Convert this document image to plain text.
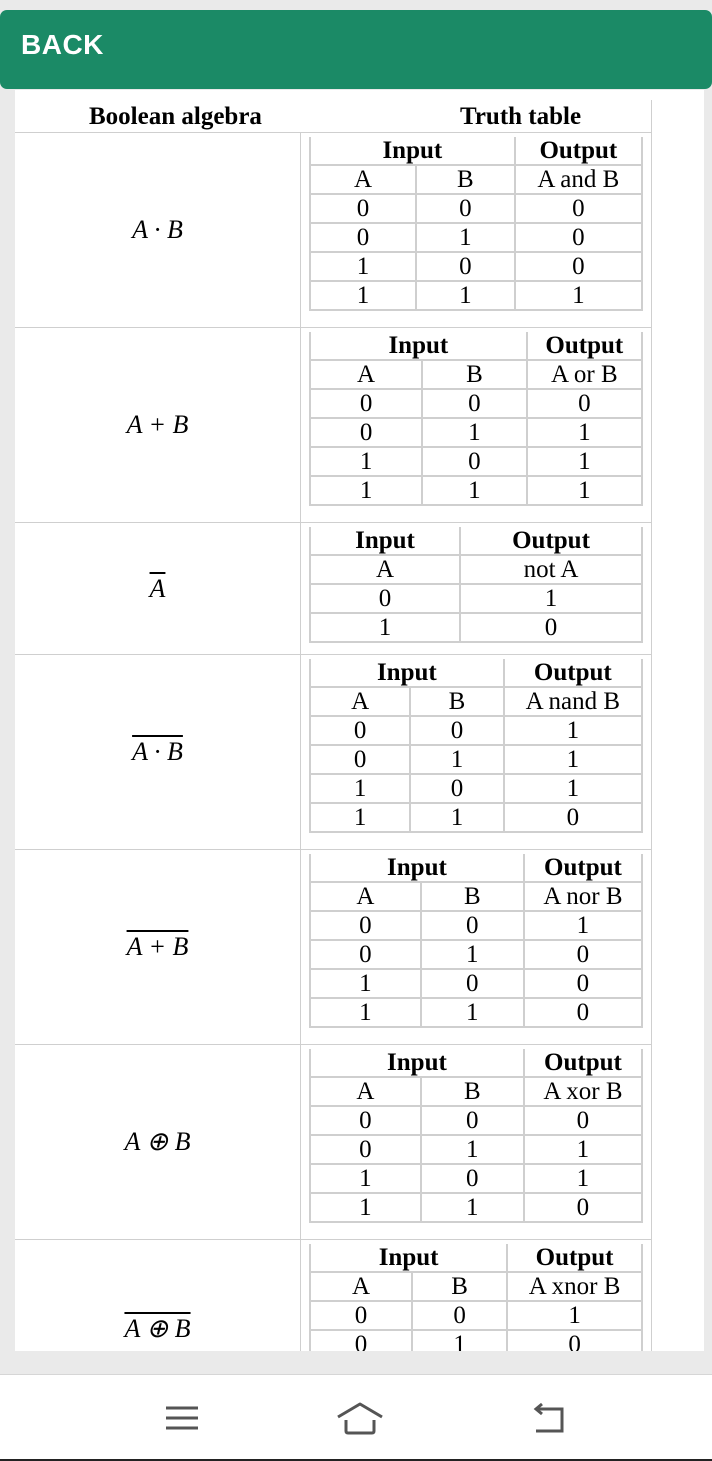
BACK
Boolean algebra	Truth table
A · B
Input		Output
A	B	A and B
0	0	0
0	1	0
1	0	0
1	1	1
A + B
Input		Output
A	B	A or B
0	0	0
0	1	1
1	0	1
1	1	1
$\overline{A}$
Input	Output
A	not A
0	1
1	0
A · B
Input		Output
A	B	A nand B
0	0	1
0	1	1
1	0	1
1	1	0
A + B
Input		Output
A	B	A nor B
0	0	1
0	1	0
1	0	0
1	1	0
A ⊕ B
Input		Output
A	B	A xor B
0	0	0
0	1	1
1	0	1
1	1	0
A ⊕ B
Input		Output
A	B	A xnor B
0	0	1
0	1	0
